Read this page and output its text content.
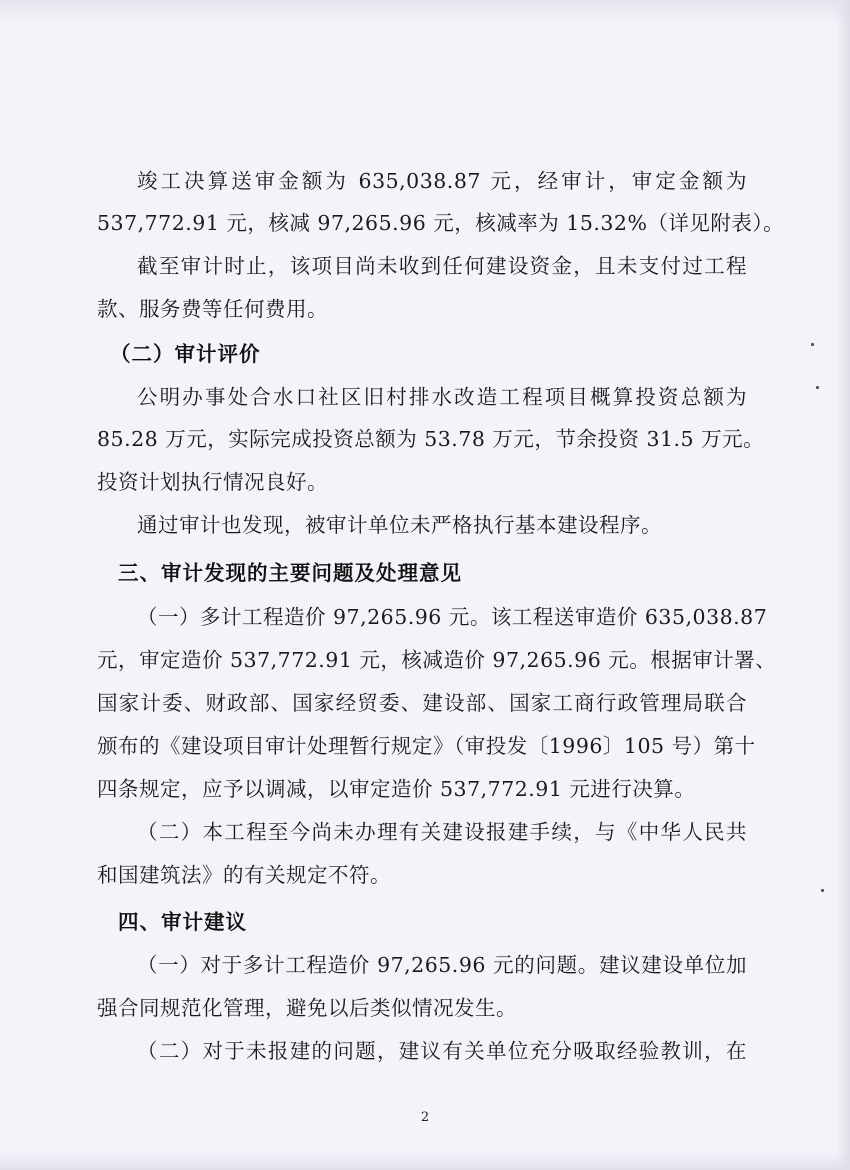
竣工决算送审金额为 635,038.87 元，经审计，审定金额为
537,772.91 元，核减 97,265.96 元，核减率为 15.32%（详见附表）。
截至审计时止，该项目尚未收到任何建设资金，且未支付过工程
款、服务费等任何费用。
（二）审计评价
公明办事处合水口社区旧村排水改造工程项目概算投资总额为
85.28 万元，实际完成投资总额为 53.78 万元，节余投资 31.5 万元。
投资计划执行情况良好。
通过审计也发现，被审计单位未严格执行基本建设程序。
三、审计发现的主要问题及处理意见
（一）多计工程造价 97,265.96 元。该工程送审造价 635,038.87
元，审定造价 537,772.91 元，核减造价 97,265.96 元。根据审计署、
国家计委、财政部、国家经贸委、建设部、国家工商行政管理局联合
颁布的《建设项目审计处理暂行规定》（审投发〔1996〕105 号）第十
四条规定，应予以调减，以审定造价 537,772.91 元进行决算。
（二）本工程至今尚未办理有关建设报建手续，与《中华人民共
和国建筑法》的有关规定不符。
四、审计建议
（一）对于多计工程造价 97,265.96 元的问题。建议建设单位加
强合同规范化管理，避免以后类似情况发生。
（二）对于未报建的问题，建议有关单位充分吸取经验教训，在
2
